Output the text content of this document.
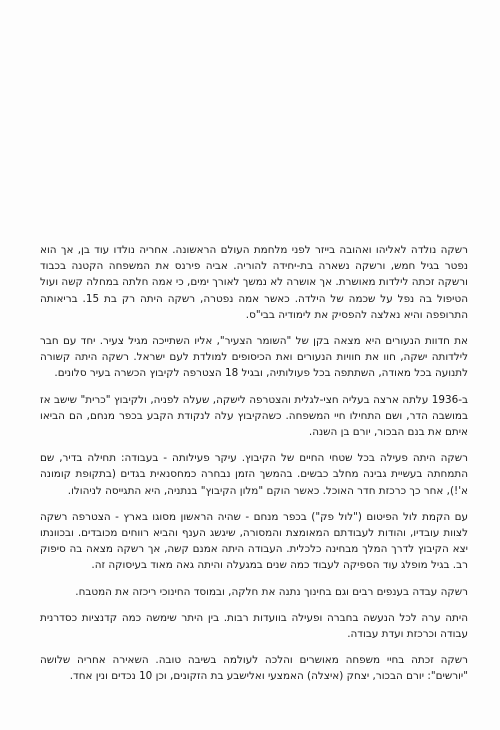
רשקה נולדה לאליהו ואהובה בייזר לפני מלחמת העולם הראשונה. אחריה נולדו עוד בן, אך הוא נפטר בגיל חמש, ורשקה נשארה בת-יחידה להוריה. אביה פירנס את המשפחה הקטנה בכבוד ורשקה זכתה לילדות מאושרת. אך אושרה לא נמשך לאורך ימים, כי אמה חלתה במחלה קשה ועול הטיפול בה נפל על שכמה של הילדה. כאשר אמה נפטרה, רשקה היתה רק בת 15. בריאותה התרופפה והיא נאלצה להפסיק את לימודיה בבי"ס.

את חדוות הנעורים היא מצאה בקן של "השומר הצעיר", אליו השתייכה מגיל צעיר. יחד עם חבר לילדותה ישקה, חוו את חוויות הנעורים ואת הכיסופים למולדת לעם ישראל. רשקה היתה קשורה לתנועה בכל מאודה, השתתפה בכל פעולותיה, ובגיל 18 הצטרפה לקיבוץ הכשרה בעיר סלונים.

ב-1936 עלתה ארצה בעליה חצי-לגלית והצטרפה לישקה, שעלה לפניה, ולקיבוץ "כרית" שישב אז במושבה הדר, ושם התחילו חיי המשפחה. כשהקיבוץ עלה לנקודת הקבע בכפר מנחם, הם הביאו איתם את בנם הבכור, יורם בן השנה.

רשקה היתה פעילה בכל שטחי החיים של הקיבוץ. עיקר פעילותה - בעבודה: תחילה בדיר, שם התמחתה בעשיית גבינה מחלב כבשים. בהמשך הזמן נבחרה כמחסנאית בגדים (בתקופת קומונה א'!), אחר כך כרכזת חדר האוכל. כאשר הוקם "מלון הקיבוץ" בנתניה, היא התגייסה לניהולו.

עם הקמת לול הפיטום ("לול פק") בכפר מנחם - שהיה הראשון מסוגו בארץ - הצטרפה רשקה לצוות עובדיו, והודות לעבודתם המאומצת והמסורה, שיגשג הענף והביא רווחים מכובדים. ובכוונתו יצא הקיבוץ לדרך המלך מבחינה כלכלית. העבודה היתה אמנם קשה, אך רשקה מצאה בה סיפוק רב. בגיל מופלג עוד הספיקה לעבוד כמה שנים במגעלה והיתה גאה מאוד בעיסוקה זה.

רשקה עבדה בענפים רבים וגם בחינוך נתנה את חלקה, ובמוסד החינוכי ריכזה את המטבח.

היתה ערה לכל הנעשה בחברה ופעילה בוועדות רבות. בין היתר שימשה כמה קדנציות כסדרנית עבודה וכרכזת ועדת עבודה.

רשקה זכתה בחיי משפחה מאושרים והלכה לעולמה בשיבה טובה. השאירה אחריה שלושה "יורשים": יורם הבכור, יצחק (איצלה) האמצעי ואלישבע בת הזקונים, וכן 10 נכדים ונין אחד.
